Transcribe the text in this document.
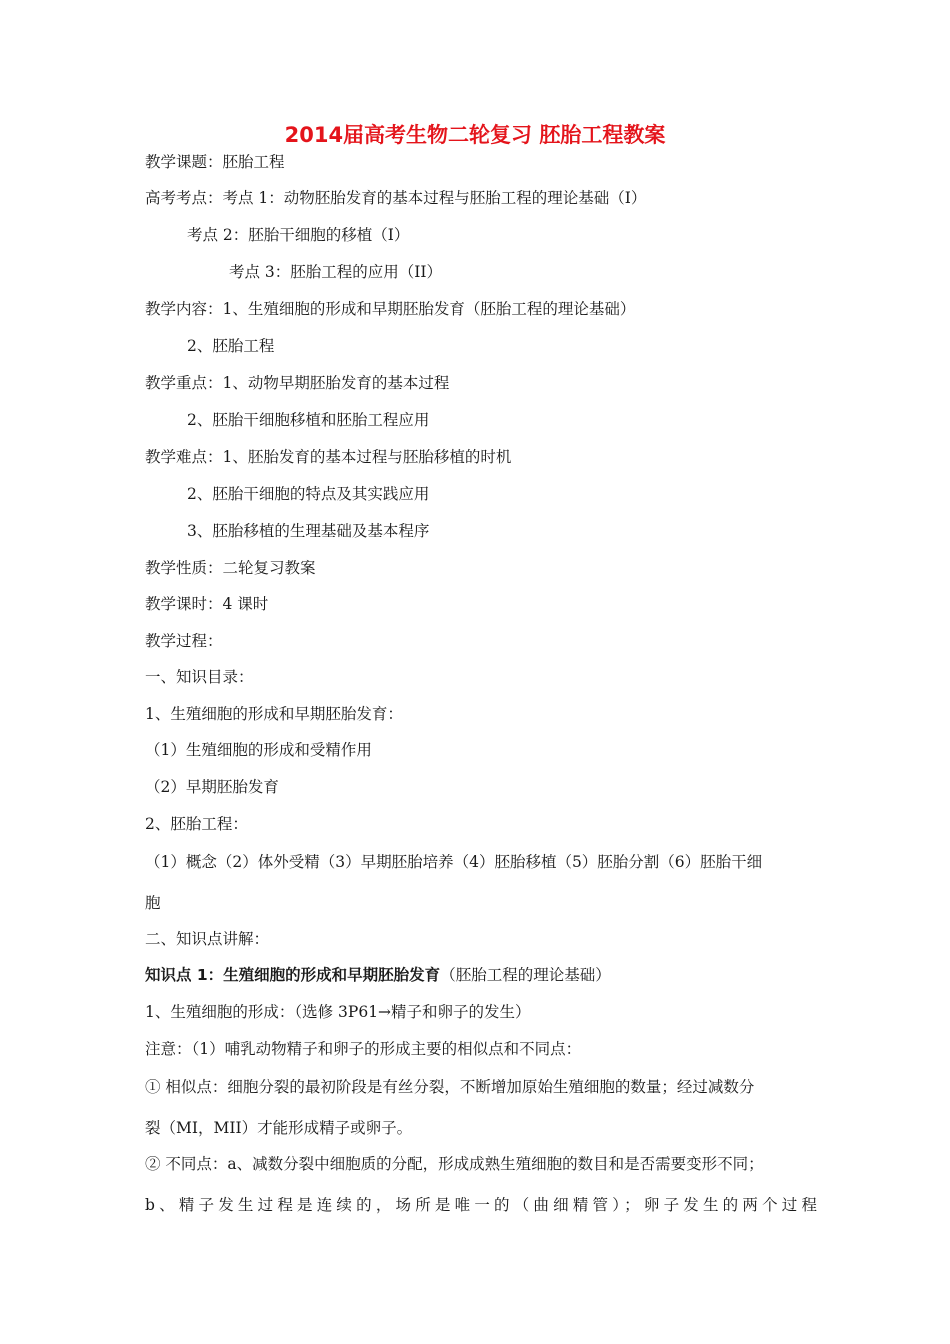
2014届高考生物二轮复习 胚胎工程教案
教学课题：胚胎工程
高考考点：考点 1：动物胚胎发育的基本过程与胚胎工程的理论基础（I）
考点 2：胚胎干细胞的移植（I）
考点 3：胚胎工程的应用（II）
教学内容：1、生殖细胞的形成和早期胚胎发育（胚胎工程的理论基础）
2、胚胎工程
教学重点：1、动物早期胚胎发育的基本过程
2、胚胎干细胞移植和胚胎工程应用
教学难点：1、胚胎发育的基本过程与胚胎移植的时机
2、胚胎干细胞的特点及其实践应用
3、胚胎移植的生理基础及基本程序
教学性质：二轮复习教案
教学课时：4 课时
教学过程：
一、知识目录：
1、生殖细胞的形成和早期胚胎发育：
（1）生殖细胞的形成和受精作用
（2）早期胚胎发育
2、胚胎工程：
（1）概念（2）体外受精（3）早期胚胎培养（4）胚胎移植（5）胚胎分割（6）胚胎干细
胞
二、知识点讲解：
知识点 1：生殖细胞的形成和早期胚胎发育（胚胎工程的理论基础）
1、生殖细胞的形成：（选修 3P61→精子和卵子的发生）
注意：（1）哺乳动物精子和卵子的形成主要的相似点和不同点：
① 相似点：细胞分裂的最初阶段是有丝分裂，不断增加原始生殖细胞的数量；经过减数分
裂（MI，MII）才能形成精子或卵子。
② 不同点：a、减数分裂中细胞质的分配，形成成熟生殖细胞的数目和是否需要变形不同；
b、精子发生过程是连续的，场所是唯一的（曲细精管）；卵子发生的两个过程
